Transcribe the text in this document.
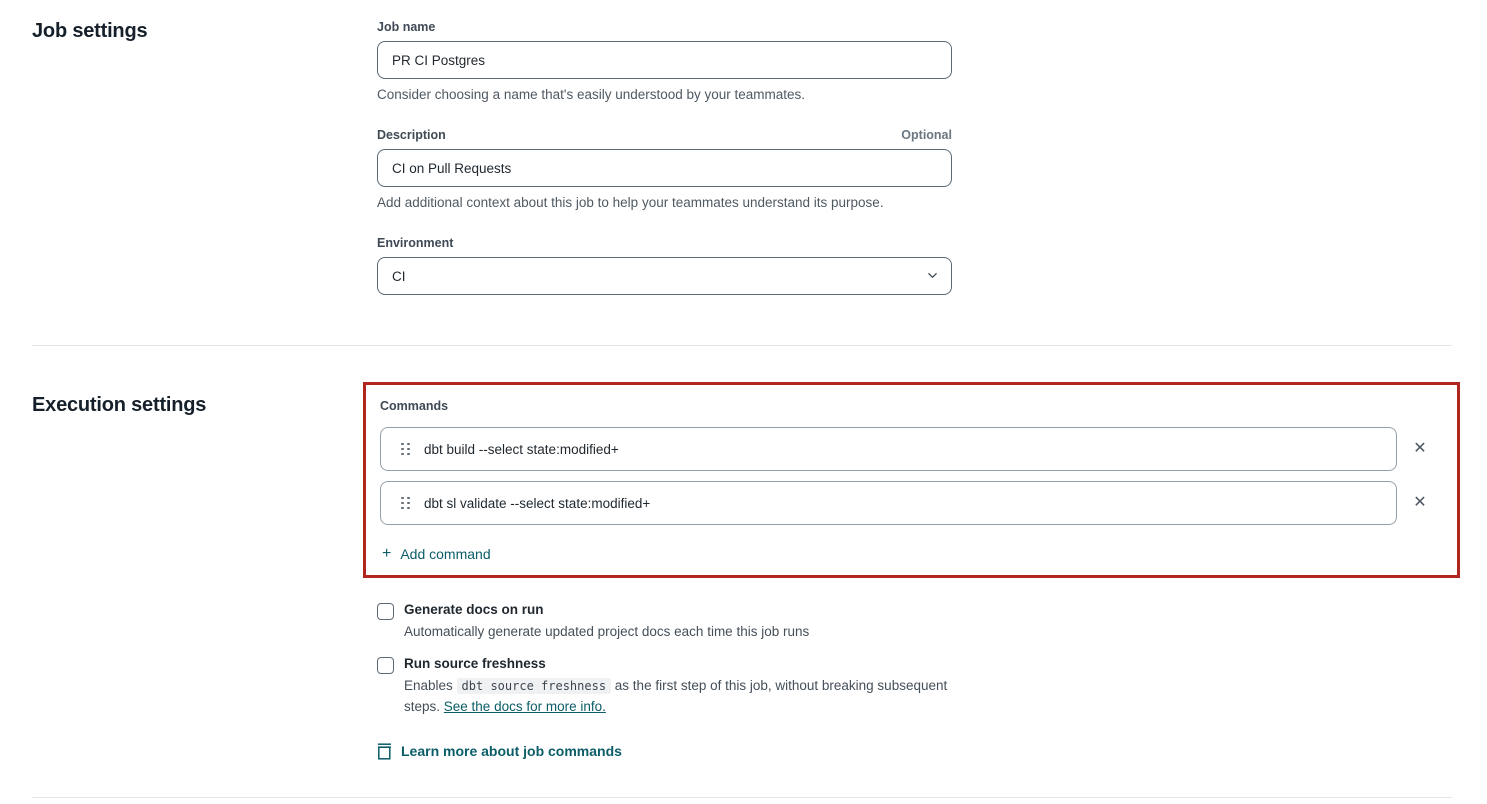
Job settings	Job name
PR CI Postgres
Consider choosing a name that's easily understood by your teammates.
Description	Optional
CI on Pull Requests
Add additional context about this job to help your teammates understand its purpose.
Environment
CI
Execution settings	Commands
dbt build --select state:modified+	✕
dbt sl validate --select state:modified+	✕
+ Add command
Generate docs on run
Automatically generate updated project docs each time this job runs
Run source freshness
Enables dbt source freshness as the first step of this job, without breaking subsequent steps. See the docs for more info.
Learn more about job commands
